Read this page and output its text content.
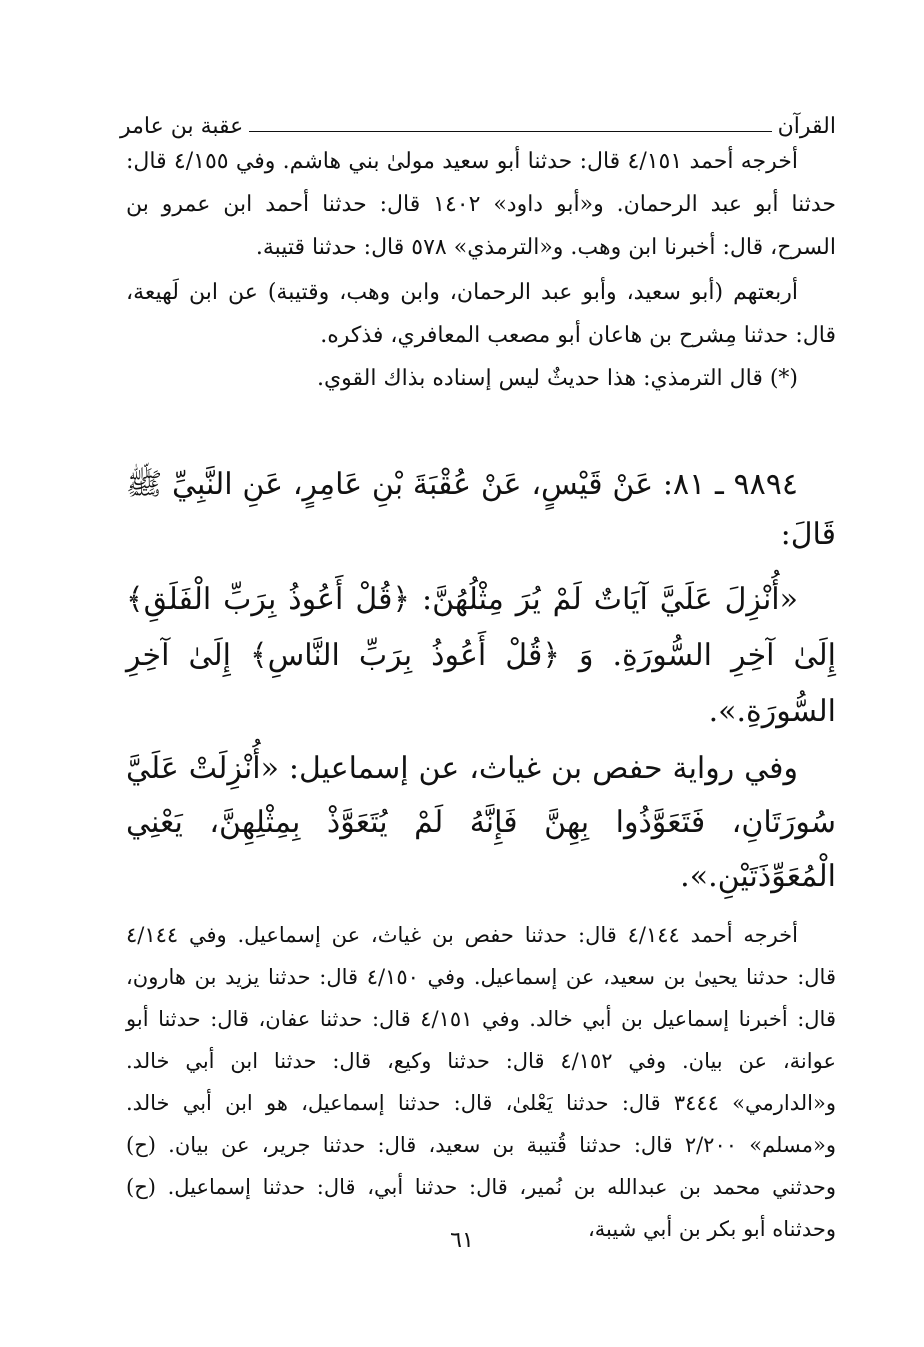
القرآن
عقبة بن عامر

أخرجه أحمد ٤/١٥١ قال: حدثنا أبو سعيد مولىٰ بني هاشم. وفي ٤/١٥٥ قال: حدثنا أبو عبد الرحمان. و«أبو داود» ١٤٠٢ قال: حدثنا أحمد ابن عمرو بن السرح، قال: أخبرنا ابن وهب. و«الترمذي» ٥٧٨ قال: حدثنا قتيبة.

أربعتهم (أبو سعيد، وأبو عبد الرحمان، وابن وهب، وقتيبة) عن ابن لَهيعة، قال: حدثنا مِشرح بن هاعان أبو مصعب المعافري، فذكره.

(*) قال الترمذي: هذا حديثٌ ليس إسناده بذاك القوي.

٩٨٩٤ ـ ٨١: عَنْ قَيْسٍ، عَنْ عُقْبَةَ بْنِ عَامِرٍ، عَنِ النَّبِيِّ ﷺ قَالَ:

«أُنْزِلَ عَلَيَّ آيَاتٌ لَمْ يُرَ مِثْلُهُنَّ: ﴿قُلْ أَعُوذُ بِرَبِّ الْفَلَقِ﴾ إِلَىٰ آخِرِ السُّورَةِ. وَ ﴿قُلْ أَعُوذُ بِرَبِّ النَّاسِ﴾ إِلَىٰ آخِرِ السُّورَةِ.».

وفي رواية حفص بن غياث، عن إسماعيل: «أُنْزِلَتْ عَلَيَّ سُورَتَانِ، فَتَعَوَّذُوا بِهِنَّ فَإِنَّهُ لَمْ يُتَعَوَّذْ بِمِثْلِهِنَّ، يَعْنِي الْمُعَوِّذَتَيْنِ.».

أخرجه أحمد ٤/١٤٤ قال: حدثنا حفص بن غياث، عن إسماعيل. وفي ٤/١٤٤ قال: حدثنا يحيىٰ بن سعيد، عن إسماعيل. وفي ٤/١٥٠ قال: حدثنا يزيد بن هارون، قال: أخبرنا إسماعيل بن أبي خالد. وفي ٤/١٥١ قال: حدثنا عفان، قال: حدثنا أبو عوانة، عن بيان. وفي ٤/١٥٢ قال: حدثنا وكيع، قال: حدثنا ابن أبي خالد. و«الدارمي» ٣٤٤٤ قال: حدثنا يَعْلىٰ، قال: حدثنا إسماعيل، هو ابن أبي خالد. و«مسلم» ٢/٢٠٠ قال: حدثنا قُتيبة بن سعيد، قال: حدثنا جرير، عن بيان. (ح) وحدثني محمد بن عبدالله بن نُمير، قال: حدثنا أبي، قال: حدثنا إسماعيل. (ح) وحدثناه أبو بكر بن أبي شيبة،

٦١
